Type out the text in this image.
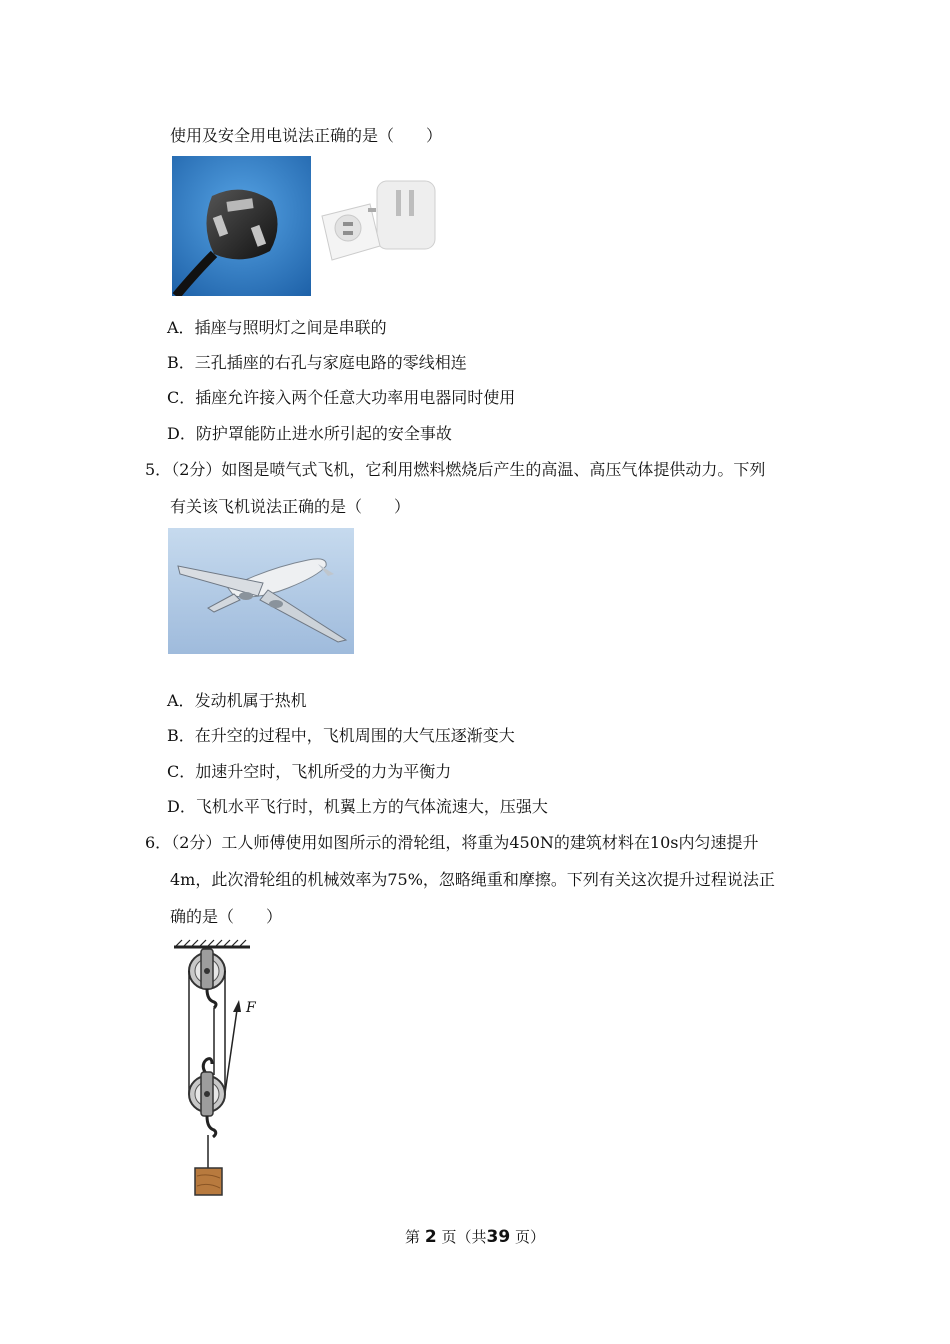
使用及安全用电说法正确的是（　　）
A．插座与照明灯之间是串联的
B．三孔插座的右孔与家庭电路的零线相连
C．插座允许接入两个任意大功率用电器同时使用
D．防护罩能防止进水所引起的安全事故
5．（2分）如图是喷气式飞机，它利用燃料燃烧后产生的高温、高压气体提供动力。下列
有关该飞机说法正确的是（　　）
A．发动机属于热机
B．在升空的过程中，飞机周围的大气压逐渐变大
C．加速升空时，飞机所受的力为平衡力
D．飞机水平飞行时，机翼上方的气体流速大，压强大
6．（2分）工人师傅使用如图所示的滑轮组，将重为450N的建筑材料在10s内匀速提升
4m，此次滑轮组的机械效率为75%，忽略绳重和摩擦。下列有关这次提升过程说法正
确的是（　　）
F
第 2 页（共39 页）
